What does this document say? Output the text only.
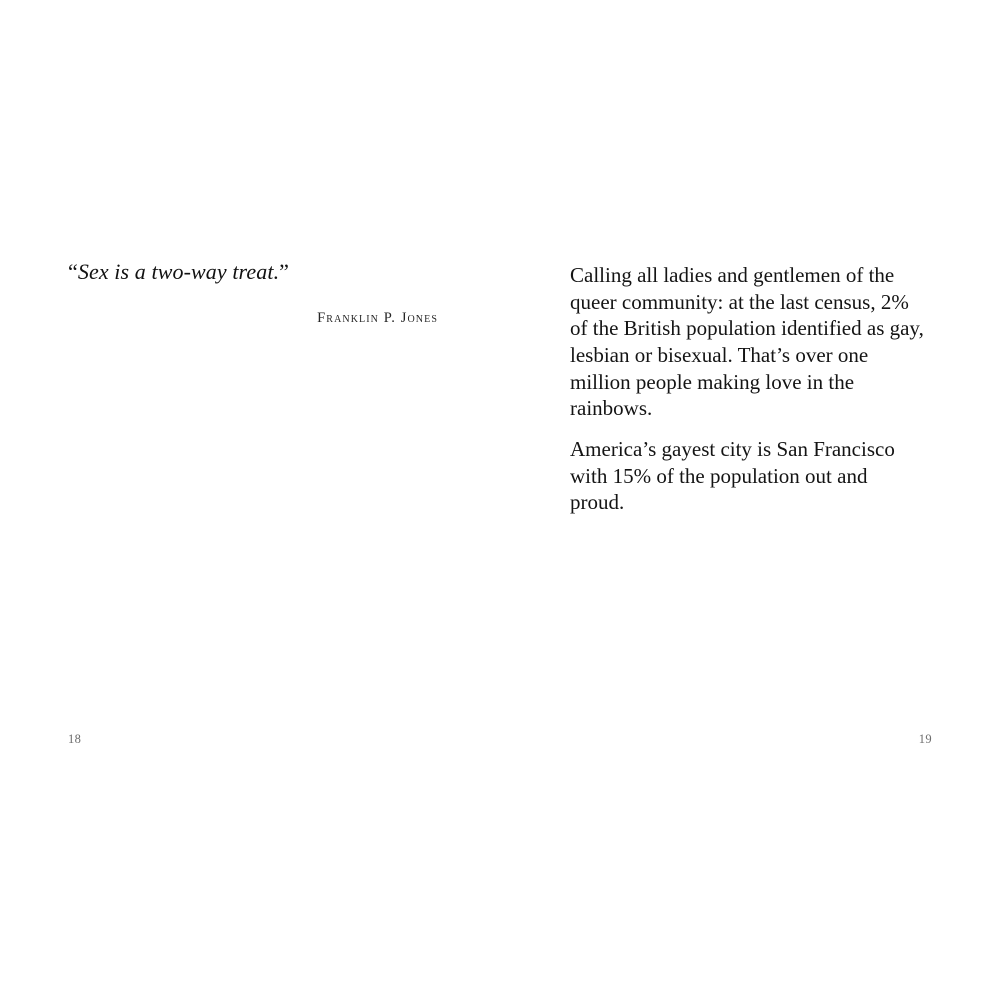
“Sex is a two-way treat.”
Franklin P. Jones
18

Calling all ladies and gentlemen of the queer community: at the last census, 2% of the British population identified as gay, lesbian or bisexual. That’s over one million people making love in the rainbows.

America’s gayest city is San Francisco with 15% of the population out and proud.

19
